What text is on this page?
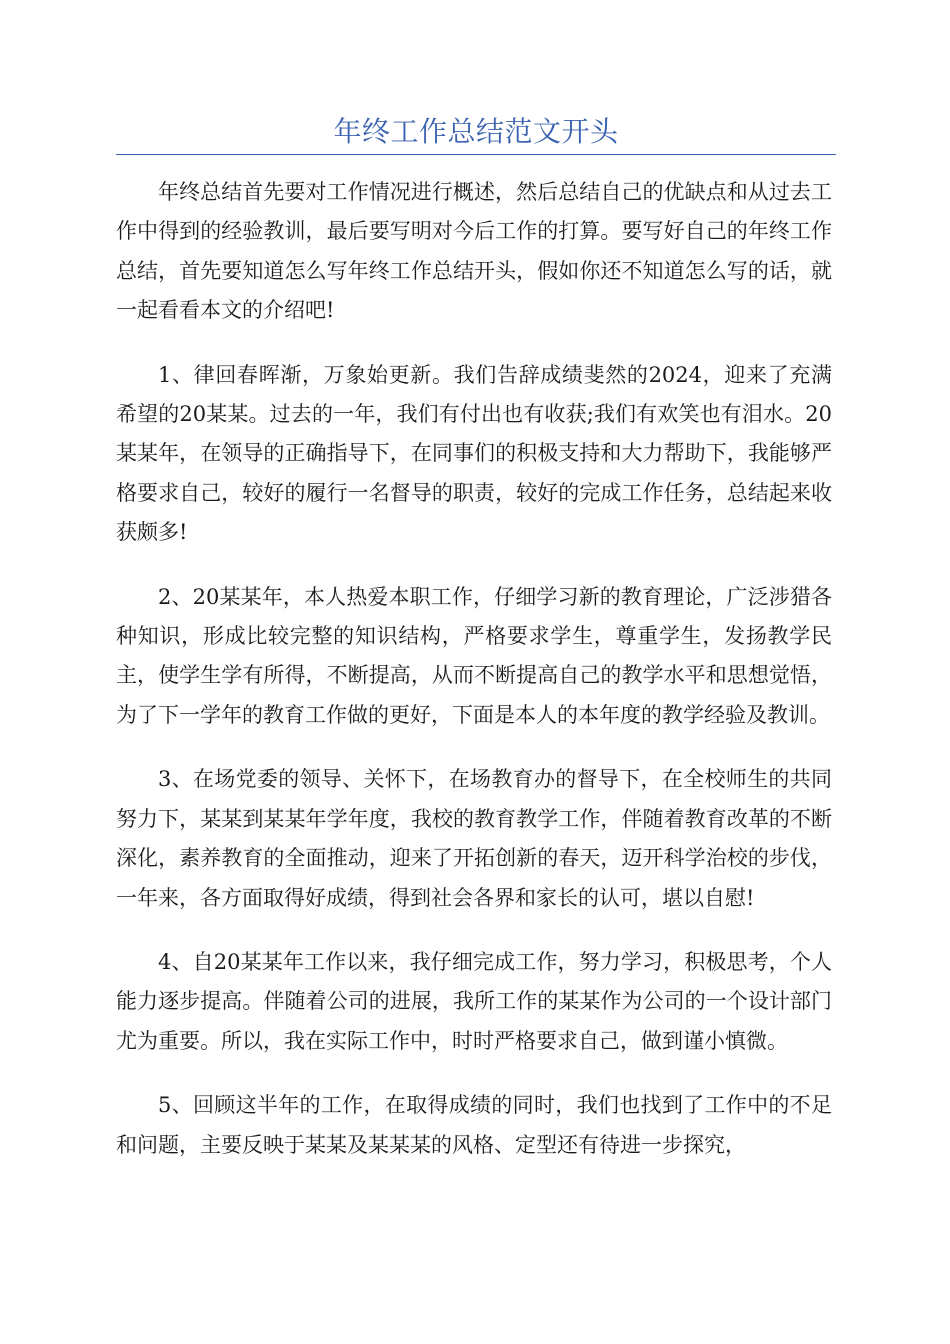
年终工作总结范文开头

年终总结首先要对工作情况进行概述，然后总结自己的优缺点和从过去工作中得到的经验教训，最后要写明对今后工作的打算。要写好自己的年终工作总结，首先要知道怎么写年终工作总结开头，假如你还不知道怎么写的话，就一起看看本文的介绍吧!

1、律回春晖渐，万象始更新。我们告辞成绩斐然的2024，迎来了充满希望的20某某。过去的一年，我们有付出也有收获;我们有欢笑也有泪水。20某某年，在领导的正确指导下，在同事们的积极支持和大力帮助下，我能够严格要求自己，较好的履行一名督导的职责，较好的完成工作任务，总结起来收获颇多!

2、20某某年，本人热爱本职工作，仔细学习新的教育理论，广泛涉猎各种知识，形成比较完整的知识结构，严格要求学生，尊重学生，发扬教学民主，使学生学有所得，不断提高，从而不断提高自己的教学水平和思想觉悟，为了下一学年的教育工作做的更好，下面是本人的本年度的教学经验及教训。

3、在场党委的领导、关怀下，在场教育办的督导下，在全校师生的共同努力下，某某到某某年学年度，我校的教育教学工作，伴随着教育改革的不断深化，素养教育的全面推动，迎来了开拓创新的春天，迈开科学治校的步伐，一年来，各方面取得好成绩，得到社会各界和家长的认可，堪以自慰!

4、自20某某年工作以来，我仔细完成工作，努力学习，积极思考，个人能力逐步提高。伴随着公司的进展，我所工作的某某作为公司的一个设计部门尤为重要。所以，我在实际工作中，时时严格要求自己，做到谨小慎微。

5、回顾这半年的工作，在取得成绩的同时，我们也找到了工作中的不足和问题，主要反映于某某及某某某的风格、定型还有待进一步探究，
